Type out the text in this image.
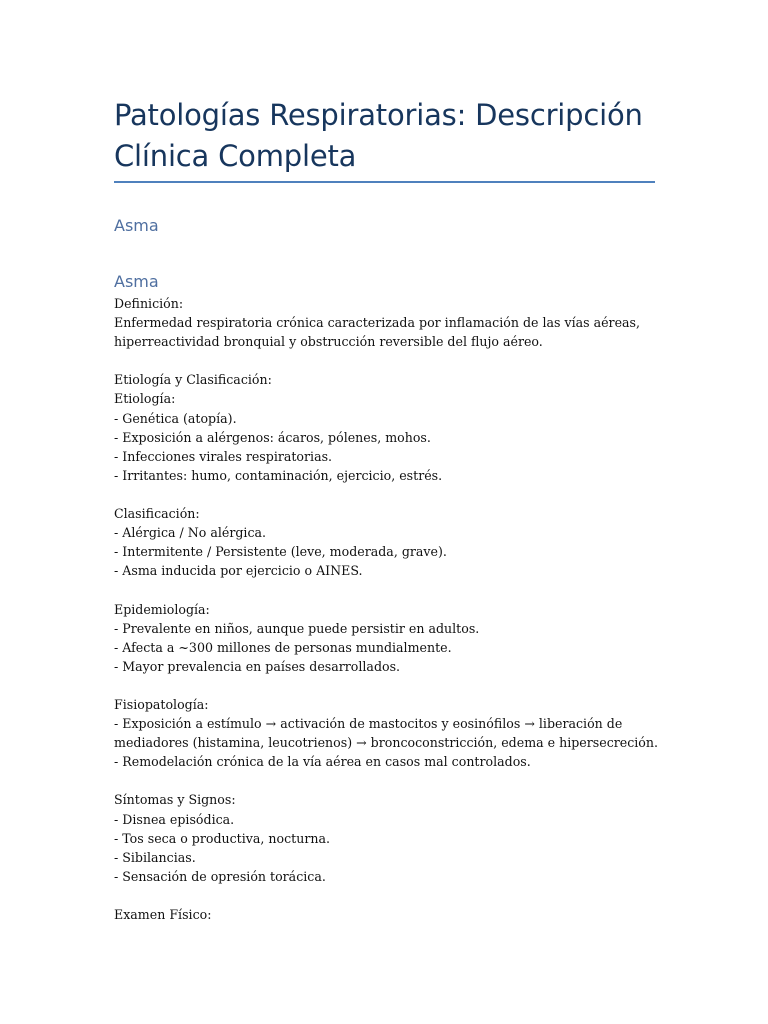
Patologías Respiratorias: Descripción Clínica Completa
Asma
Asma
Definición:
Enfermedad respiratoria crónica caracterizada por inflamación de las vías aéreas, hiperreactividad bronquial y obstrucción reversible del flujo aéreo.
Etiología y Clasificación:
Etiología:
- Genética (atopía).
- Exposición a alérgenos: ácaros, pólenes, mohos.
- Infecciones virales respiratorias.
- Irritantes: humo, contaminación, ejercicio, estrés.
Clasificación:
- Alérgica / No alérgica.
- Intermitente / Persistente (leve, moderada, grave).
- Asma inducida por ejercicio o AINES.
Epidemiología:
- Prevalente en niños, aunque puede persistir en adultos.
- Afecta a ~300 millones de personas mundialmente.
- Mayor prevalencia en países desarrollados.
Fisiopatología:
- Exposición a estímulo → activación de mastocitos y eosinófilos → liberación de mediadores (histamina, leucotrienos) → broncoconstricción, edema e hipersecreción.
- Remodelación crónica de la vía aérea en casos mal controlados.
Síntomas y Signos:
- Disnea episódica.
- Tos seca o productiva, nocturna.
- Sibilancias.
- Sensación de opresión torácica.
Examen Físico:
